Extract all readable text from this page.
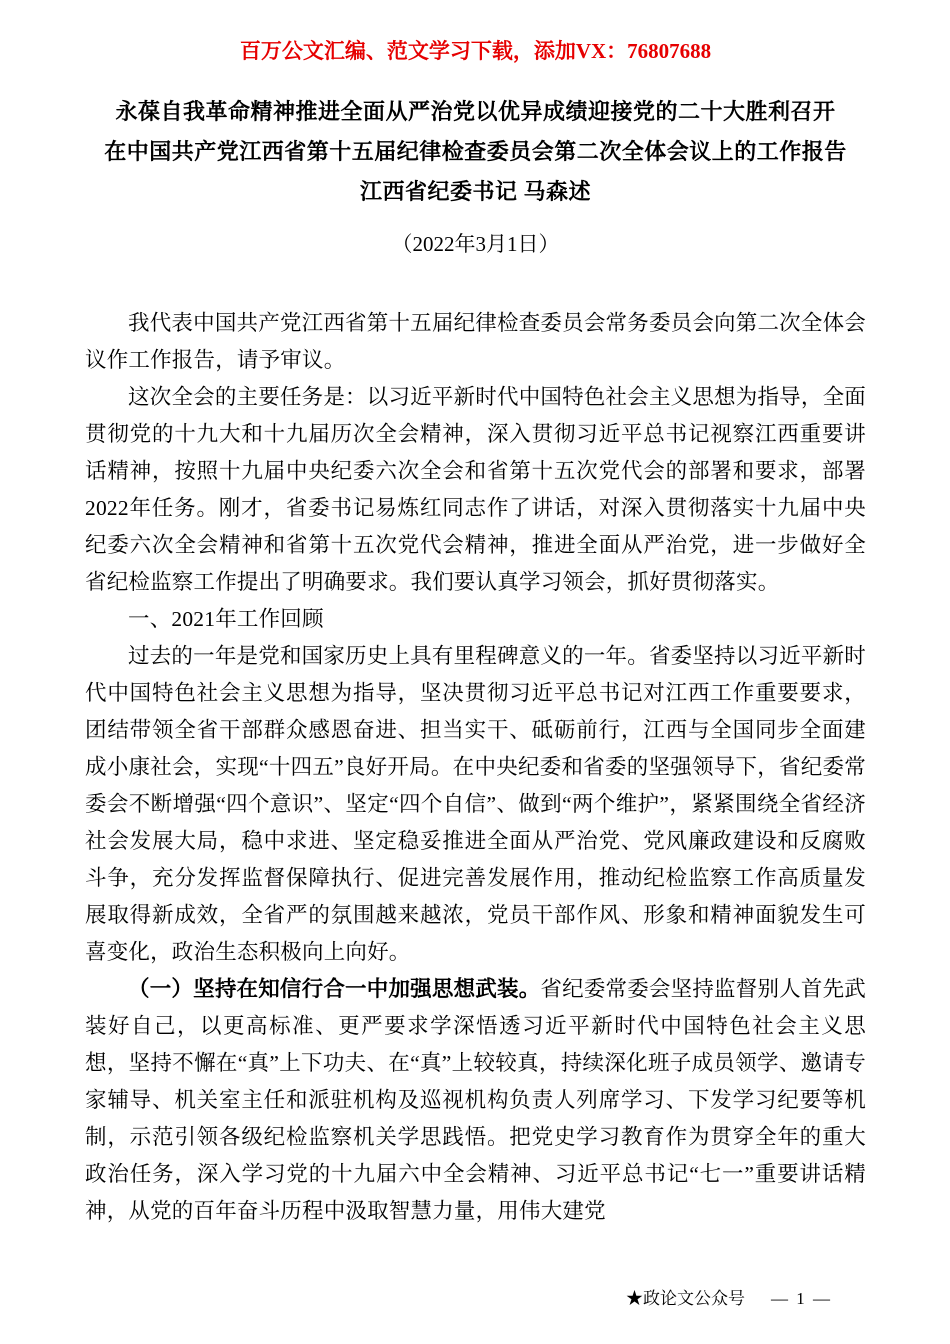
百万公文汇编、范文学习下载，添加VX：76807688
永葆自我革命精神推进全面从严治党以优异成绩迎接党的二十大胜利召开
在中国共产党江西省第十五届纪律检查委员会第二次全体会议上的工作报告
江西省纪委书记 马森述
（2022年3月1日）

我代表中国共产党江西省第十五届纪律检查委员会常务委员会向第二次全体会议作工作报告，请予审议。

这次全会的主要任务是：以习近平新时代中国特色社会主义思想为指导，全面贯彻党的十九大和十九届历次全会精神，深入贯彻习近平总书记视察江西重要讲话精神，按照十九届中央纪委六次全会和省第十五次党代会的部署和要求，部署2022年任务。刚才，省委书记易炼红同志作了讲话，对深入贯彻落实十九届中央纪委六次全会精神和省第十五次党代会精神，推进全面从严治党，进一步做好全省纪检监察工作提出了明确要求。我们要认真学习领会，抓好贯彻落实。

一、2021年工作回顾

过去的一年是党和国家历史上具有里程碑意义的一年。省委坚持以习近平新时代中国特色社会主义思想为指导，坚决贯彻习近平总书记对江西工作重要要求，团结带领全省干部群众感恩奋进、担当实干、砥砺前行，江西与全国同步全面建成小康社会，实现“十四五”良好开局。在中央纪委和省委的坚强领导下，省纪委常委会不断增强“四个意识”、坚定“四个自信”、做到“两个维护”，紧紧围绕全省经济社会发展大局，稳中求进、坚定稳妥推进全面从严治党、党风廉政建设和反腐败斗争，充分发挥监督保障执行、促进完善发展作用，推动纪检监察工作高质量发展取得新成效，全省严的氛围越来越浓，党员干部作风、形象和精神面貌发生可喜变化，政治生态积极向上向好。

（一）坚持在知信行合一中加强思想武装。省纪委常委会坚持监督别人首先武装好自己，以更高标准、更严要求学深悟透习近平新时代中国特色社会主义思想，坚持不懈在“真”上下功夫、在“真”上较较真，持续深化班子成员领学、邀请专家辅导、机关室主任和派驻机构及巡视机构负责人列席学习、下发学习纪要等机制，示范引领各级纪检监察机关学思践悟。把党史学习教育作为贯穿全年的重大政治任务，深入学习党的十九届六中全会精神、习近平总书记“七一”重要讲话精神，从党的百年奋斗历程中汲取智慧力量，用伟大建党

★政论文公众号 — 1 —
